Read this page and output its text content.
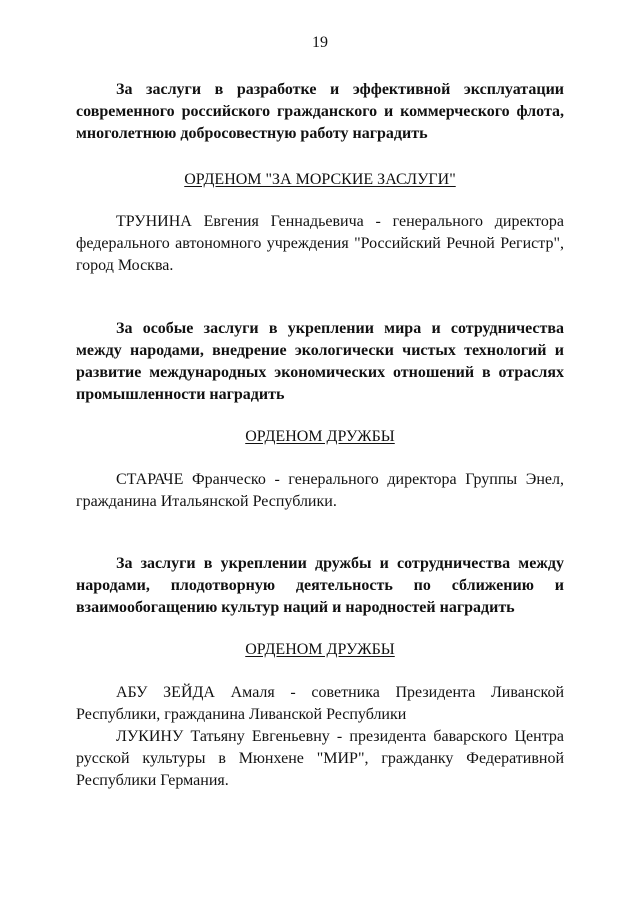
19
За заслуги в разработке и эффективной эксплуатации современного российского гражданского и коммерческого флота, многолетнюю добросовестную работу наградить
ОРДЕНОМ "ЗА МОРСКИЕ ЗАСЛУГИ"

ТРУНИНА Евгения Геннадьевича - генерального директора федерального автономного учреждения "Российский Речной Регистр", город Москва.

За особые заслуги в укреплении мира и сотрудничества между народами, внедрение экологически чистых технологий и развитие международных экономических отношений в отраслях промышленности наградить
ОРДЕНОМ ДРУЖБЫ

СТАРАЧЕ Франческо - генерального директора Группы Энел, гражданина Итальянской Республики.

За заслуги в укреплении дружбы и сотрудничества между народами, плодотворную деятельность по сближению и взаимообогащению культур наций и народностей наградить
ОРДЕНОМ ДРУЖБЫ

АБУ ЗЕЙДА Амаля - советника Президента Ливанской Республики, гражданина Ливанской Республики

ЛУКИНУ Татьяну Евгеньевну - президента баварского Центра русской культуры в Мюнхене "МИР", гражданку Федеративной Республики Германия.
